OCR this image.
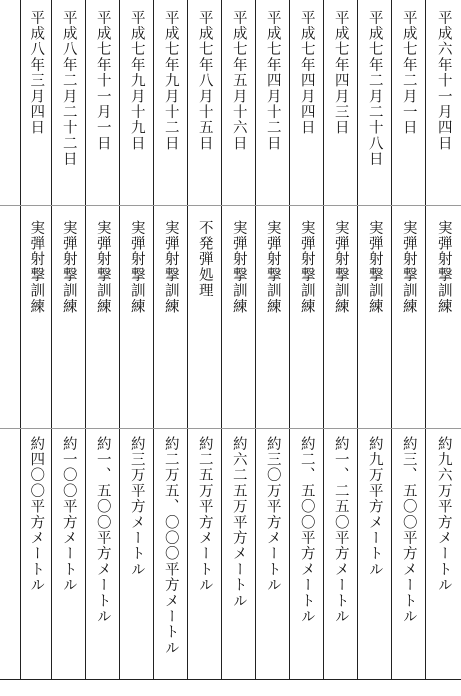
平成六年十一月四日
実弾射撃訓練
約九六万平方メートル
平成七年二月一日
実弾射撃訓練
約三、五〇〇平方メートル
平成七年二月二十八日
実弾射撃訓練
約九万平方メートル
平成七年四月三日
実弾射撃訓練
約一、二五〇平方メートル
平成七年四月四日
実弾射撃訓練
約二、五〇〇平方メートル
平成七年四月十二日
実弾射撃訓練
約三〇万平方メートル
平成七年五月十六日
実弾射撃訓練
約六二五万平方メートル
平成七年八月十五日
不発弾処理
約二五万平方メートル
平成七年九月十二日
実弾射撃訓練
約二万五、〇〇〇平方メートル
平成七年九月十九日
実弾射撃訓練
約三万平方メートル
平成七年十一月一日
実弾射撃訓練
約一、五〇〇平方メートル
平成八年二月二十二日
実弾射撃訓練
約一〇〇平方メートル
平成八年三月四日
実弾射撃訓練
約四〇〇平方メートル
